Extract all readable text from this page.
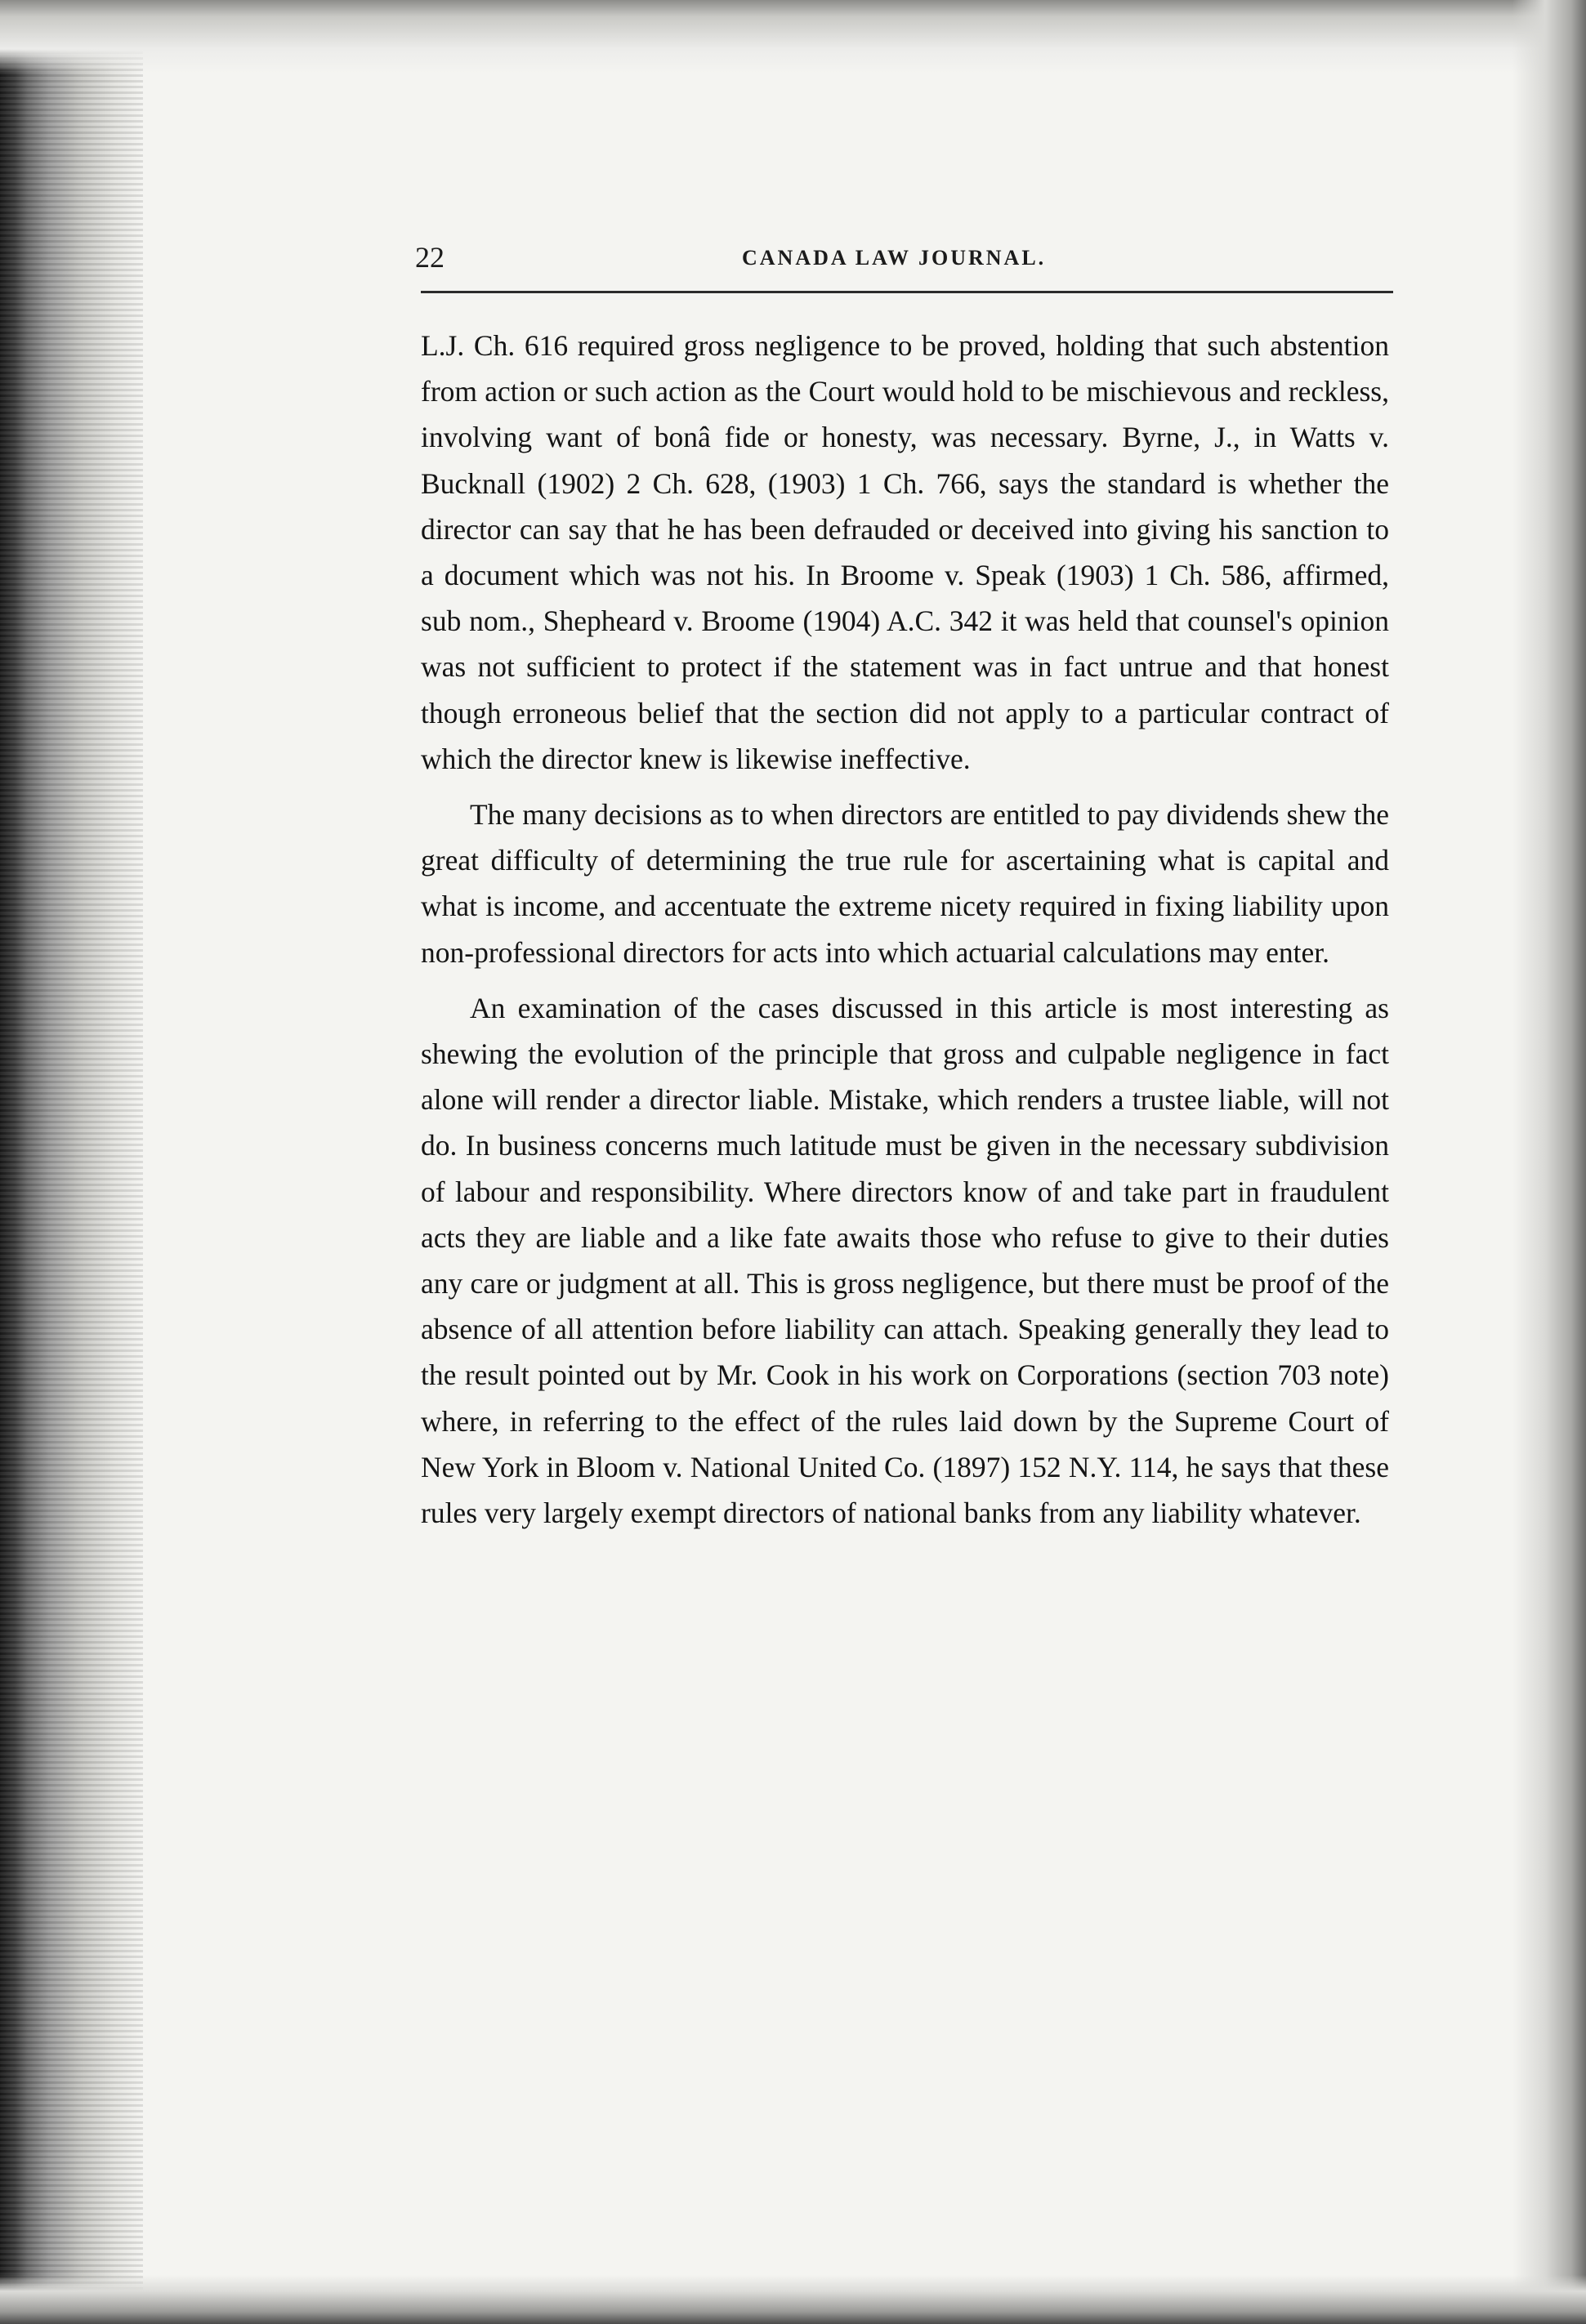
22	CANADA LAW JOURNAL.

L.J. Ch. 616 required gross negligence to be proved, holding that such abstention from action or such action as the Court would hold to be mischievous and reckless, involving want of bonâ fide or honesty, was necessary. Byrne, J., in Watts v. Bucknall (1902) 2 Ch. 628, (1903) 1 Ch. 766, says the standard is whether the director can say that he has been defrauded or deceived into giving his sanction to a document which was not his. In Broome v. Speak (1903) 1 Ch. 586, affirmed, sub nom., Shepheard v. Broome (1904) A.C. 342 it was held that counsel's opinion was not sufficient to protect if the statement was in fact untrue and that honest though erroneous belief that the section did not apply to a particular contract of which the director knew is likewise ineffective.

The many decisions as to when directors are entitled to pay dividends shew the great difficulty of determining the true rule for ascertaining what is capital and what is income, and accentuate the extreme nicety required in fixing liability upon non-professional directors for acts into which actuarial calculations may enter.

An examination of the cases discussed in this article is most interesting as shewing the evolution of the principle that gross and culpable negligence in fact alone will render a director liable. Mistake, which renders a trustee liable, will not do. In business concerns much latitude must be given in the necessary subdivision of labour and responsibility. Where directors know of and take part in fraudulent acts they are liable and a like fate awaits those who refuse to give to their duties any care or judgment at all. This is gross negligence, but there must be proof of the absence of all attention before liability can attach. Speaking generally they lead to the result pointed out by Mr. Cook in his work on Corporations (section 703 note) where, in referring to the effect of the rules laid down by the Supreme Court of New York in Bloom v. National United Co. (1897) 152 N.Y. 114, he says that these rules very largely exempt directors of national banks from any liability whatever.
